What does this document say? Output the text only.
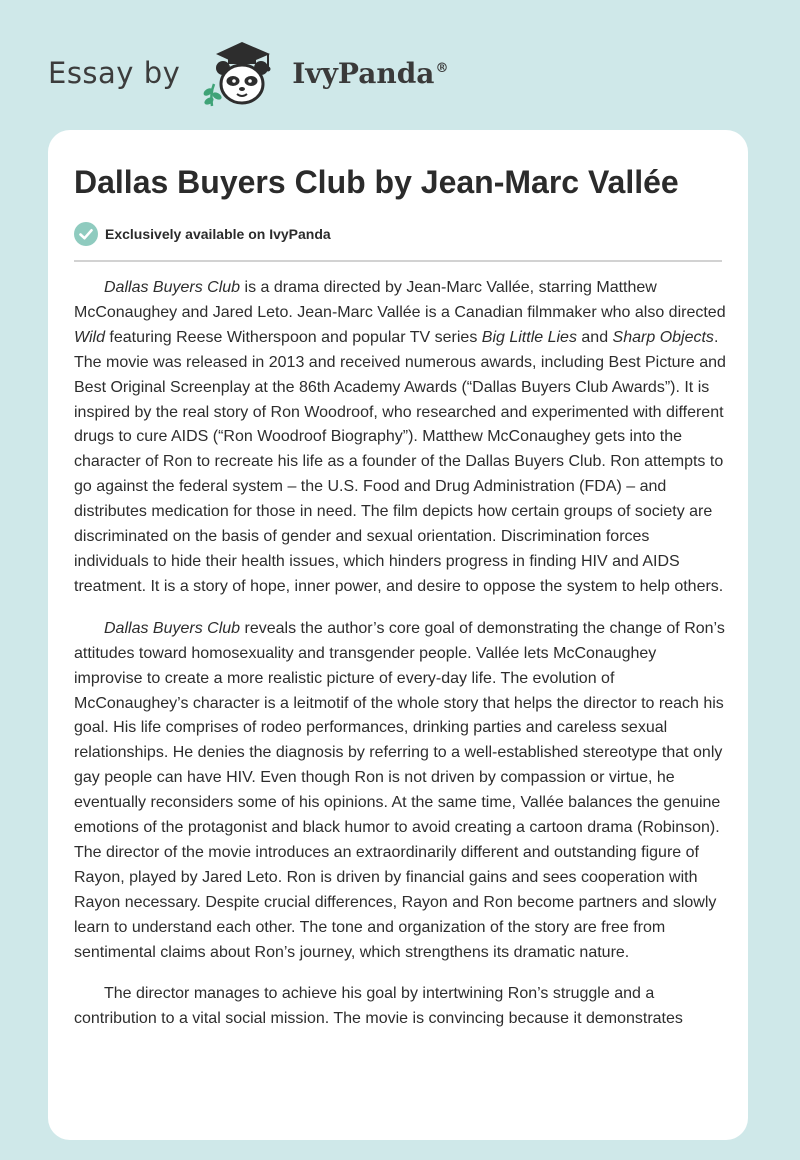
Essay by	IvyPanda®
Dallas Buyers Club by Jean-Marc Vallée
Exclusively available on IvyPanda

Dallas Buyers Club is a drama directed by Jean-Marc Vallée, starring Matthew McConaughey and Jared Leto. Jean-Marc Vallée is a Canadian filmmaker who also directed Wild featuring Reese Witherspoon and popular TV series Big Little Lies and Sharp Objects. The movie was released in 2013 and received numerous awards, including Best Picture and Best Original Screenplay at the 86th Academy Awards (“Dallas Buyers Club Awards”). It is inspired by the real story of Ron Woodroof, who researched and experimented with different drugs to cure AIDS (“Ron Woodroof Biography”). Matthew McConaughey gets into the character of Ron to recreate his life as a founder of the Dallas Buyers Club. Ron attempts to go against the federal system – the U.S. Food and Drug Administration (FDA) – and distributes medication for those in need. The film depicts how certain groups of society are discriminated on the basis of gender and sexual orientation. Discrimination forces individuals to hide their health issues, which hinders progress in finding HIV and AIDS treatment. It is a story of hope, inner power, and desire to oppose the system to help others.

Dallas Buyers Club reveals the author’s core goal of demonstrating the change of Ron’s attitudes toward homosexuality and transgender people. Vallée lets McConaughey improvise to create a more realistic picture of every-day life. The evolution of McConaughey’s character is a leitmotif of the whole story that helps the director to reach his goal. His life comprises of rodeo performances, drinking parties and careless sexual relationships. He denies the diagnosis by referring to a well-established stereotype that only gay people can have HIV. Even though Ron is not driven by compassion or virtue, he eventually reconsiders some of his opinions. At the same time, Vallée balances the genuine emotions of the protagonist and black humor to avoid creating a cartoon drama (Robinson). The director of the movie introduces an extraordinarily different and outstanding figure of Rayon, played by Jared Leto. Ron is driven by financial gains and sees cooperation with Rayon necessary. Despite crucial differences, Rayon and Ron become partners and slowly learn to understand each other. The tone and organization of the story are free from sentimental claims about Ron’s journey, which strengthens its dramatic nature.

The director manages to achieve his goal by intertwining Ron’s struggle and a contribution to a vital social mission. The movie is convincing because it demonstrates
